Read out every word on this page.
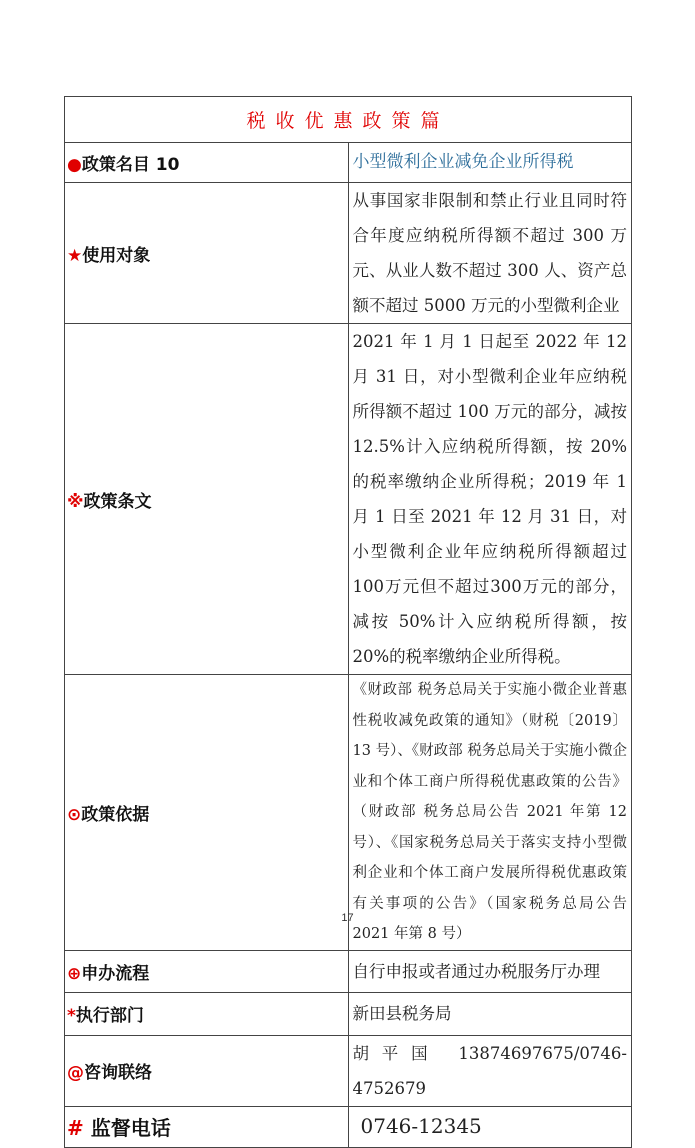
税收优惠政策篇	
●政策名目 10	小型微利企业减免企业所得税
★使用对象	从事国家非限制和禁止行业且同时符合年度应纳税所得额不超过 300 万元、从业人数不超过 300 人、资产总额不超过 5000 万元的小型微利企业
※政策条文	2021 年 1 月 1 日起至 2022 年 12 月 31 日，对小型微利企业年应纳税所得额不超过 100 万元的部分，减按 12.5%计入应纳税所得额，按 20%的税率缴纳企业所得税；2019 年 1 月 1 日至 2021 年 12 月 31 日，对小型微利企业年应纳税所得额超过100万元但不超过300万元的部分，减按 50%计入应纳税所得额，按 20%的税率缴纳企业所得税。
⊙政策依据	《财政部 税务总局关于实施小微企业普惠性税收减免政策的通知》（财税〔2019〕13 号）、《财政部 税务总局关于实施小微企业和个体工商户所得税优惠政策的公告》（财政部 税务总局公告 2021 年第 12 号）、《国家税务总局关于落实支持小型微利企业和个体工商户发展所得税优惠政策有关事项的公告》（国家税务总局公告 2021 年第 8 号）
⊕申办流程	自行申报或者通过办税服务厅办理
*执行部门	新田县税务局
@咨询联络	胡平国 13874697675/0746-4752679
# 监督电话	0746-12345
17
